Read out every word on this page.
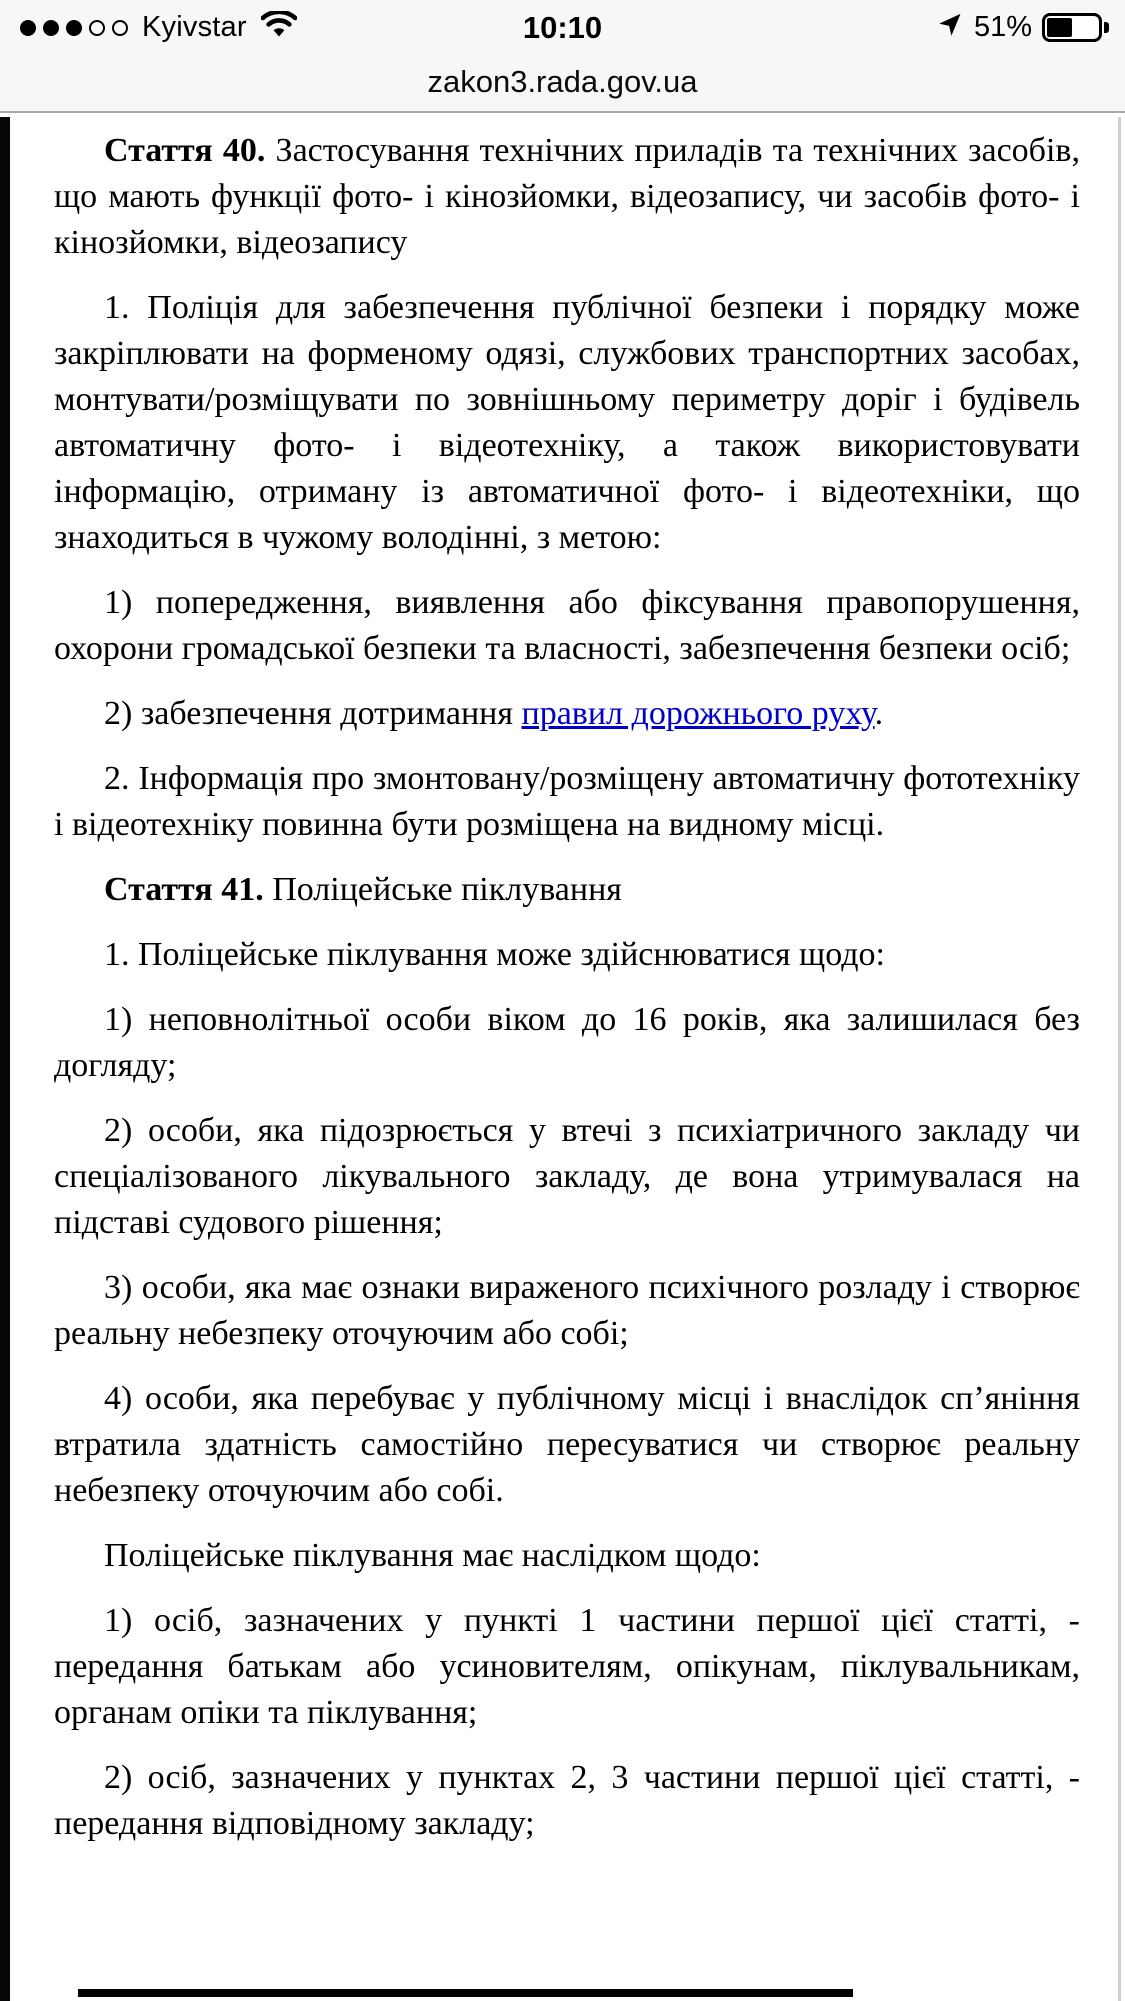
Kyivstar	10:10	51%
zakon3.rada.gov.ua

Стаття 40. Застосування технічних приладів та технічних засобів, що мають функції фото- і кінозйомки, відеозапису, чи засобів фото- і кінозйомки, відеозапису

1. Поліція для забезпечення публічної безпеки і порядку може закріплювати на форменому одязі, службових транспортних засобах, монтувати/розміщувати по зовнішньому периметру доріг і будівель автоматичну фото- і відеотехніку, а також використовувати інформацію, отриману із автоматичної фото- і відеотехніки, що знаходиться в чужому володінні, з метою:

1) попередження, виявлення або фіксування правопорушення, охорони громадської безпеки та власності, забезпечення безпеки осіб;

2) забезпечення дотримання правил дорожнього руху.

2. Інформація про змонтовану/розміщену автоматичну фототехніку і відеотехніку повинна бути розміщена на видному місці.

Стаття 41. Поліцейське піклування

1. Поліцейське піклування може здійснюватися щодо:

1) неповнолітньої особи віком до 16 років, яка залишилася без догляду;

2) особи, яка підозрюється у втечі з психіатричного закладу чи спеціалізованого лікувального закладу, де вона утримувалася на підставі судового рішення;

3) особи, яка має ознаки вираженого психічного розладу і створює реальну небезпеку оточуючим або собі;

4) особи, яка перебуває у публічному місці і внаслідок сп’яніння втратила здатність самостійно пересуватися чи створює реальну небезпеку оточуючим або собі.

Поліцейське піклування має наслідком щодо:

1) осіб, зазначених у пункті 1 частини першої цієї статті, - передання батькам або усиновителям, опікунам, піклувальникам, органам опіки та піклування;

2) осіб, зазначених у пунктах 2, 3 частини першої цієї статті, - передання відповідному закладу;
